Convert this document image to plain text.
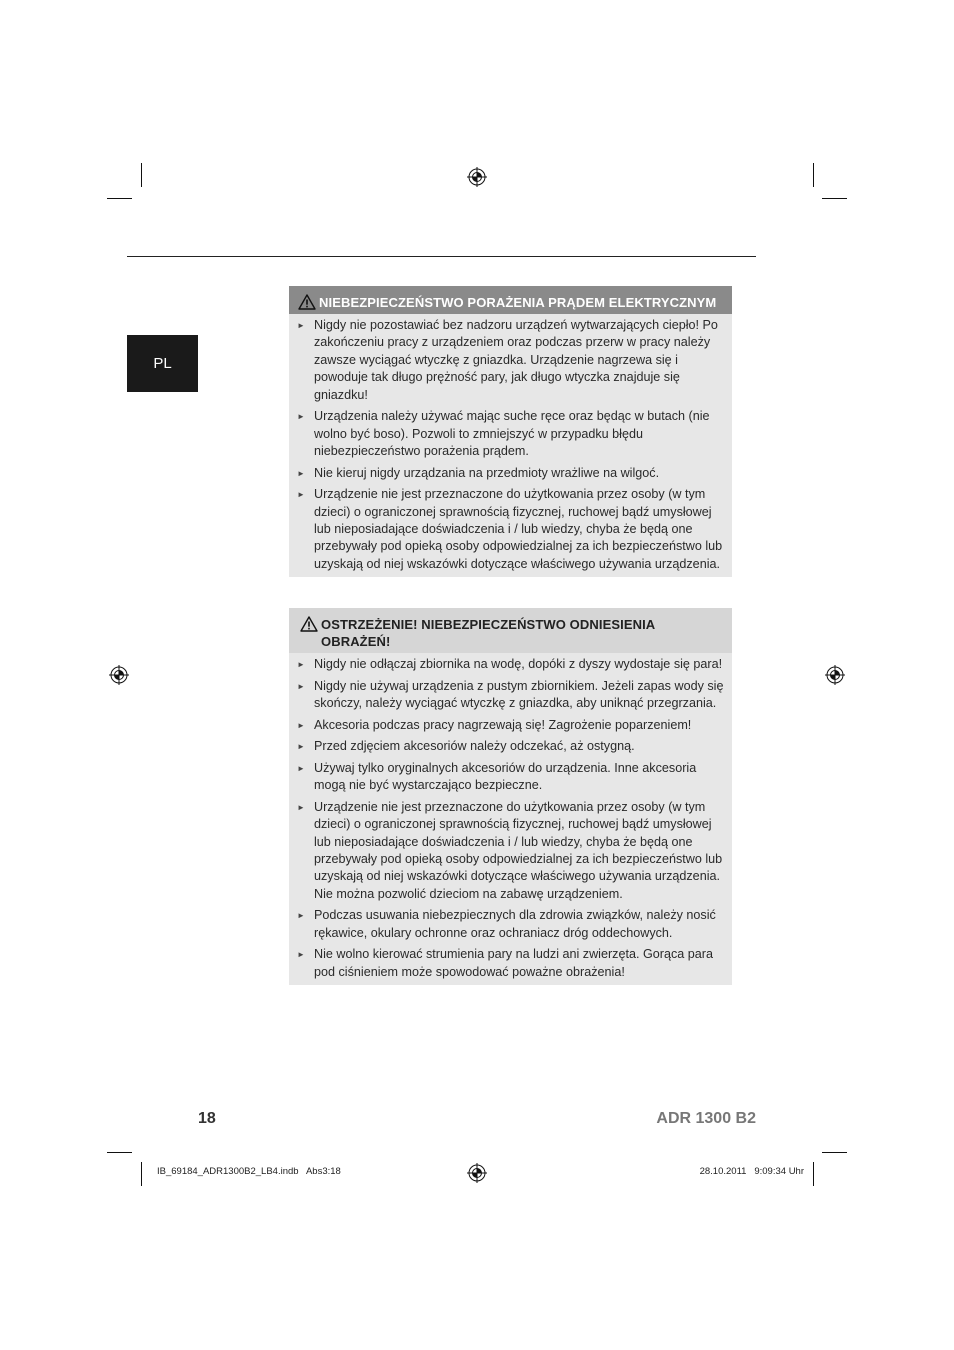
PL
NIEBEZPIECZEŃSTWO PORAŻENIA PRĄDEM ELEKTRYCZNYM
► Nigdy nie pozostawiać bez nadzoru urządzeń wytwarzających ciepło! Po zakończeniu pracy z urządzeniem oraz podczas przerw w pracy należy zawsze wyciągać wtyczkę z gniazdka. Urządzenie nagrzewa się i powoduje tak długo prężność pary, jak długo wtyczka znajduje się gniazdku!
► Urządzenia należy używać mając suche ręce oraz będąc w butach (nie wolno być boso). Pozwoli to zmniejszyć w przypadku błędu niebezpieczeństwo porażenia prądem.
► Nie kieruj nigdy urządzania na przedmioty wrażliwe na wilgoć.
► Urządzenie nie jest przeznaczone do użytkowania przez osoby (w tym dzieci) o ograniczonej sprawnością fizycznej, ruchowej bądź umysłowej lub nieposiadające doświadczenia i / lub wiedzy, chyba że będą one przebywały pod opieką osoby odpowiedzialnej za ich bezpieczeństwo lub uzyskają od niej wskazówki dotyczące właściwego używania urządzenia.
OSTRZEŻENIE! NIEBEZPIECZEŃSTWO ODNIESIENIA OBRAŻEŃ!
► Nigdy nie odłączaj zbiornika na wodę, dopóki z dyszy wydostaje się para!
► Nigdy nie używaj urządzenia z pustym zbiornikiem. Jeżeli zapas wody się skończy, należy wyciągać wtyczkę z gniazdka, aby uniknąć przegrzania.
► Akcesoria podczas pracy nagrzewają się! Zagrożenie poparzeniem!
► Przed zdjęciem akcesoriów należy odczekać, aż ostygną.
► Używaj tylko oryginalnych akcesoriów do urządzenia. Inne akcesoria mogą nie być wystarczająco bezpieczne.
► Urządzenie nie jest przeznaczone do użytkowania przez osoby (w tym dzieci) o ograniczonej sprawnością fizycznej, ruchowej bądź umysłowej lub nieposiadające doświadczenia i / lub wiedzy, chyba że będą one przebywały pod opieką osoby odpowiedzialnej za ich bezpieczeństwo lub uzyskają od niej wskazówki dotyczące właściwego używania urządzenia. Nie można pozwolić dzieciom na zabawę urządzeniem.
► Podczas usuwania niebezpiecznych dla zdrowia związków, należy nosić rękawice, okulary ochronne oraz ochraniacz dróg oddechowych.
► Nie wolno kierować strumienia pary na ludzi ani zwierzęta. Gorąca para pod ciśnieniem może spowodować poważne obrażenia!
18	ADR 1300 B2
IB_69184_ADR1300B2_LB4.indb   Abs3:18	28.10.2011   9:09:34 Uhr
